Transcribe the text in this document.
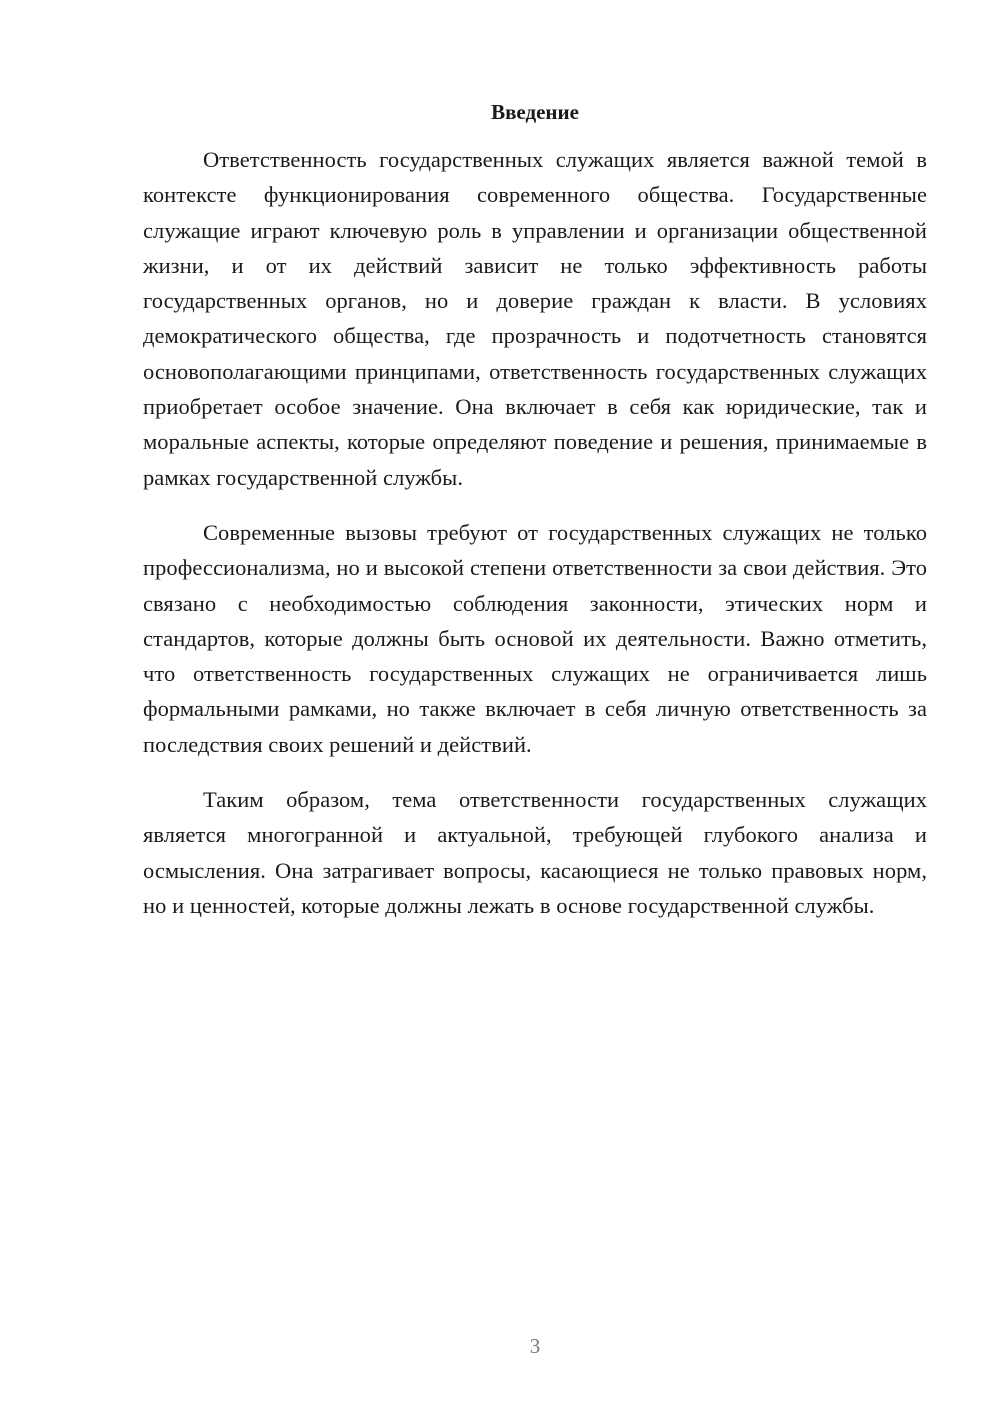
Введение

Ответственность государственных служащих является важной темой в контексте функционирования современного общества. Государственные служащие играют ключевую роль в управлении и организации общественной жизни, и от их действий зависит не только эффективность работы государственных органов, но и доверие граждан к власти. В условиях демократического общества, где прозрачность и подотчетность становятся основополагающими принципами, ответственность государственных служащих приобретает особое значение. Она включает в себя как юридические, так и моральные аспекты, которые определяют поведение и решения, принимаемые в рамках государственной службы.

Современные вызовы требуют от государственных служащих не только профессионализма, но и высокой степени ответственности за свои действия. Это связано с необходимостью соблюдения законности, этических норм и стандартов, которые должны быть основой их деятельности. Важно отметить, что ответственность государственных служащих не ограничивается лишь формальными рамками, но также включает в себя личную ответственность за последствия своих решений и действий.

Таким образом, тема ответственности государственных служащих является многогранной и актуальной, требующей глубокого анализа и осмысления. Она затрагивает вопросы, касающиеся не только правовых норм, но и ценностей, которые должны лежать в основе государственной службы.

3
